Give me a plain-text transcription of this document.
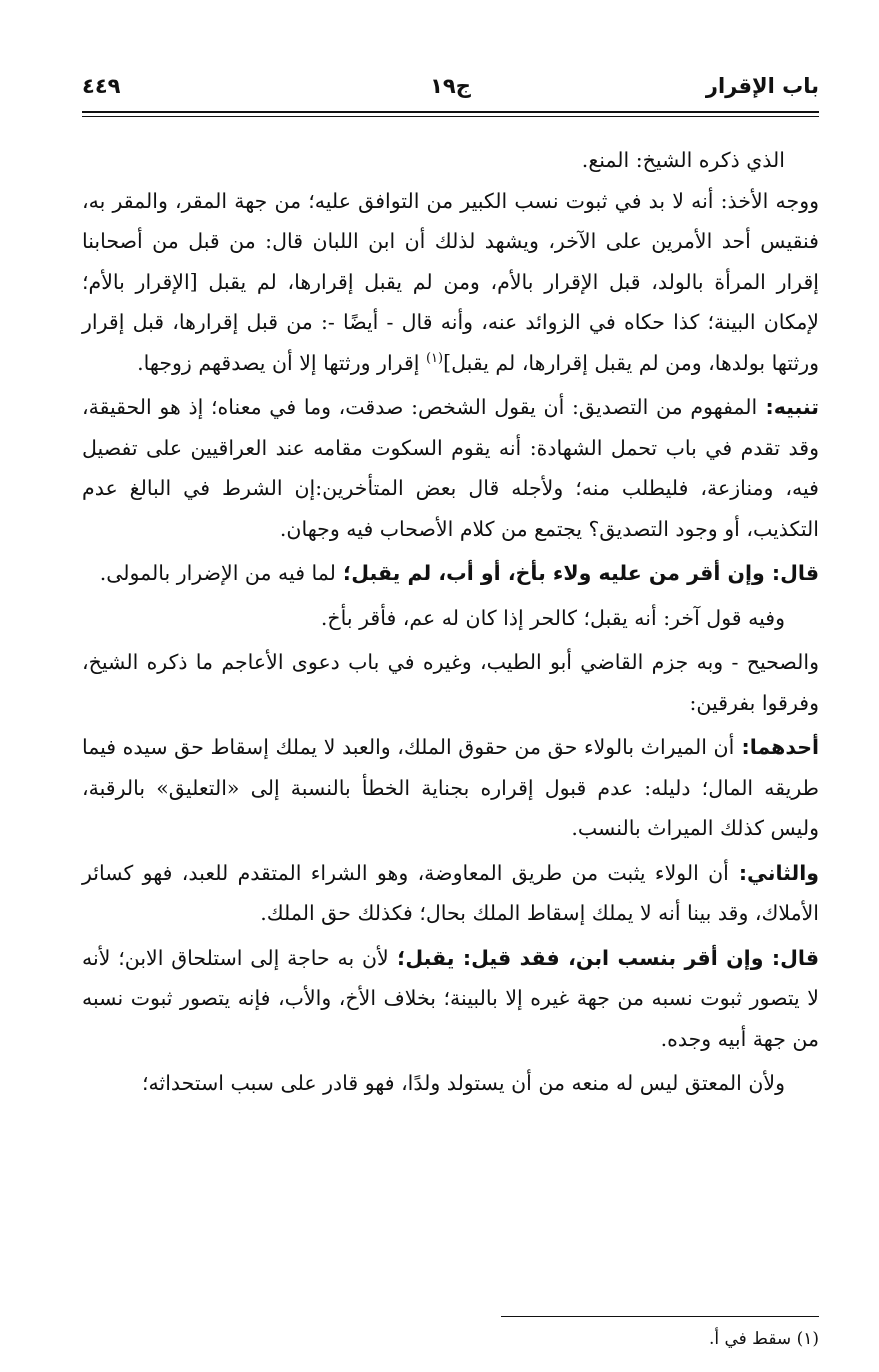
باب الإقرار
ج١٩
٤٤٩

الذي ذكره الشيخ: المنع.

ووجه الأخذ: أنه لا بد في ثبوت نسب الكبير من التوافق عليه؛ من جهة المقر، والمقر به، فنقيس أحد الأمرين على الآخر، ويشهد لذلك أن ابن اللبان قال: من قبل من أصحابنا إقرار المرأة بالولد، قبل الإقرار بالأم، ومن لم يقبل إقرارها، لم يقبل [الإقرار بالأم؛ لإمكان البينة؛ كذا حكاه في الزوائد عنه، وأنه قال - أيضًا -: من قبل إقرارها، قبل إقرار ورثتها بولدها، ومن لم يقبل إقرارها، لم يقبل]$^{(١)}$ إقرار ورثتها إلا أن يصدقهم زوجها.

تنبيه: المفهوم من التصديق: أن يقول الشخص: صدقت، وما في معناه؛ إذ هو الحقيقة، وقد تقدم في باب تحمل الشهادة: أنه يقوم السكوت مقامه عند العراقيين على تفصيل فيه، ومنازعة، فليطلب منه؛ ولأجله قال بعض المتأخرين:إن الشرط في البالغ عدم التكذيب، أو وجود التصديق؟ يجتمع من كلام الأصحاب فيه وجهان.

قال: وإن أقر من عليه ولاء بأخ، أو أب، لم يقبل؛ لما فيه من الإضرار بالمولى.

وفيه قول آخر: أنه يقبل؛ كالحر إذا كان له عم، فأقر بأخ.

والصحيح - وبه جزم القاضي أبو الطيب، وغيره في باب دعوى الأعاجم ما ذكره الشيخ، وفرقوا بفرقين:

أحدهما: أن الميراث بالولاء حق من حقوق الملك، والعبد لا يملك إسقاط حق سيده فيما طريقه المال؛ دليله: عدم قبول إقراره بجناية الخطأ بالنسبة إلى «التعليق» بالرقبة، وليس كذلك الميراث بالنسب.

والثاني: أن الولاء يثبت من طريق المعاوضة، وهو الشراء المتقدم للعبد، فهو كسائر الأملاك، وقد بينا أنه لا يملك إسقاط الملك بحال؛ فكذلك حق الملك.

قال: وإن أقر بنسب ابن، فقد قيل: يقبل؛ لأن به حاجة إلى استلحاق الابن؛ لأنه لا يتصور ثبوت نسبه من جهة غيره إلا بالبينة؛ بخلاف الأخ، والأب، فإنه يتصور ثبوت نسبه من جهة أبيه وجده.

ولأن المعتق ليس له منعه من أن يستولد ولدًا، فهو قادر على سبب استحداثه؛

(١) سقط في أ.
